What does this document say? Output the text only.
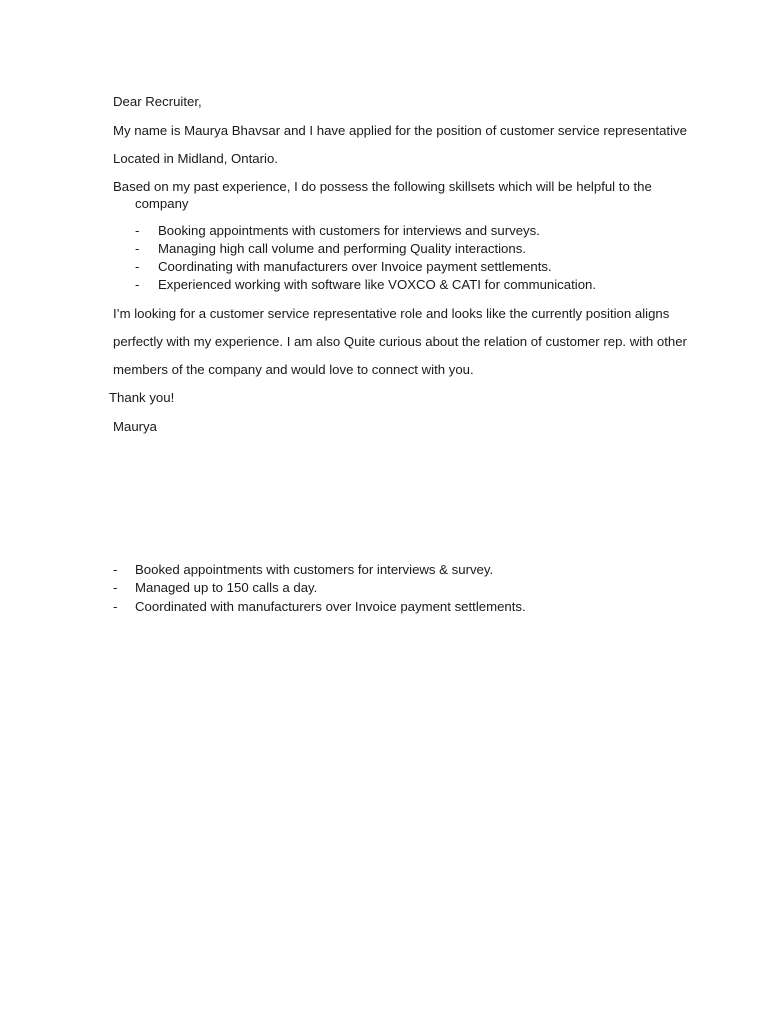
Dear Recruiter,
My name is Maurya Bhavsar and I have applied for the position of customer service representative
Located in Midland, Ontario.
Based on my past experience, I do possess the following skillsets which will be helpful to the
company
- Booking appointments with customers for interviews and surveys.
- Managing high call volume and performing Quality interactions.
- Coordinating with manufacturers over Invoice payment settlements.
- Experienced working with software like VOXCO & CATI for communication.
I’m looking for a customer service representative role and looks like the currently position aligns
perfectly with my experience. I am also Quite curious about the relation of customer rep. with other
members of the company and would love to connect with you.
Thank you!
Maurya
- Booked appointments with customers for interviews & survey.
- Managed up to 150 calls a day.
- Coordinated with manufacturers over Invoice payment settlements.
